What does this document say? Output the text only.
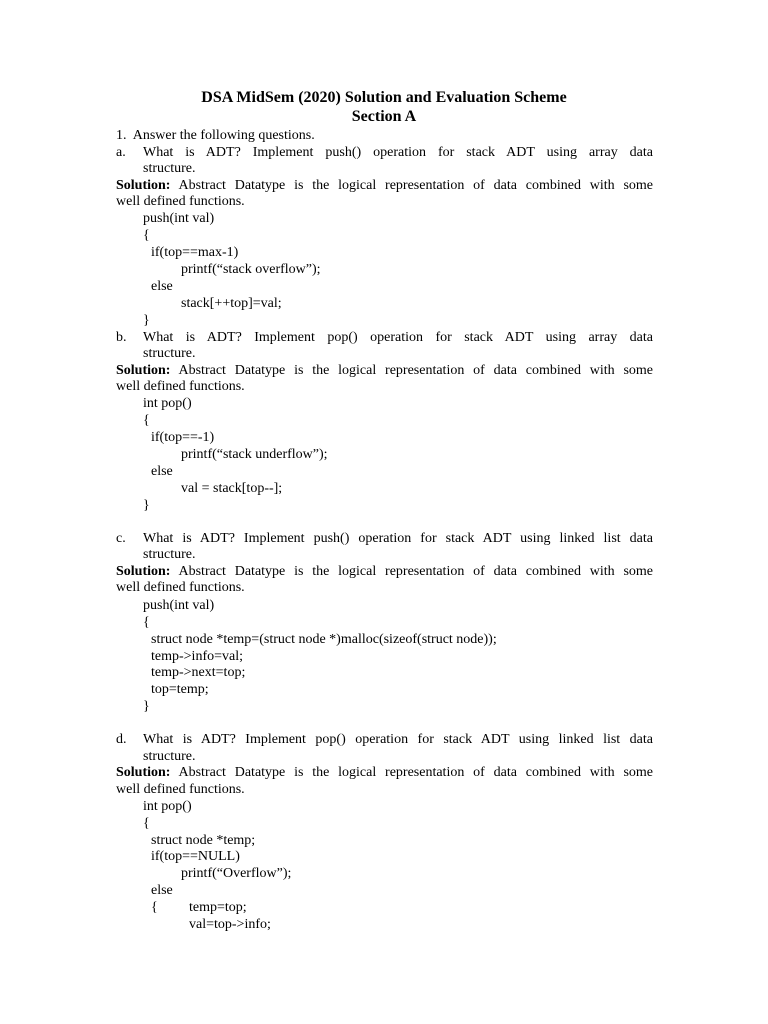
DSA MidSem (2020) Solution and Evaluation Scheme
Section A
1.  Answer the following questions.
a. What is ADT? Implement push() operation for stack ADT using array data
structure.
Solution: Abstract Datatype is the logical representation of data combined with some
well defined functions.
push(int val)
{
if(top==max-1)
printf(“stack overflow”);
else
stack[++top]=val;
}
b. What is ADT? Implement pop() operation for stack ADT using array data
structure.
Solution: Abstract Datatype is the logical representation of data combined with some
well defined functions.
int pop()
{
if(top==-1)
printf(“stack underflow”);
else
val = stack[top--];
}
c. What is ADT? Implement push() operation for stack ADT using linked list data
structure.
Solution: Abstract Datatype is the logical representation of data combined with some
well defined functions.
push(int val)
{
struct node *temp=(struct node *)malloc(sizeof(struct node));
temp->info=val;
temp->next=top;
top=temp;
}
d. What is ADT? Implement pop() operation for stack ADT using linked list data
structure.
Solution: Abstract Datatype is the logical representation of data combined with some
well defined functions.
int pop()
{
struct node *temp;
if(top==NULL)
printf(“Overflow”);
else
{ temp=top;
val=top->info;
